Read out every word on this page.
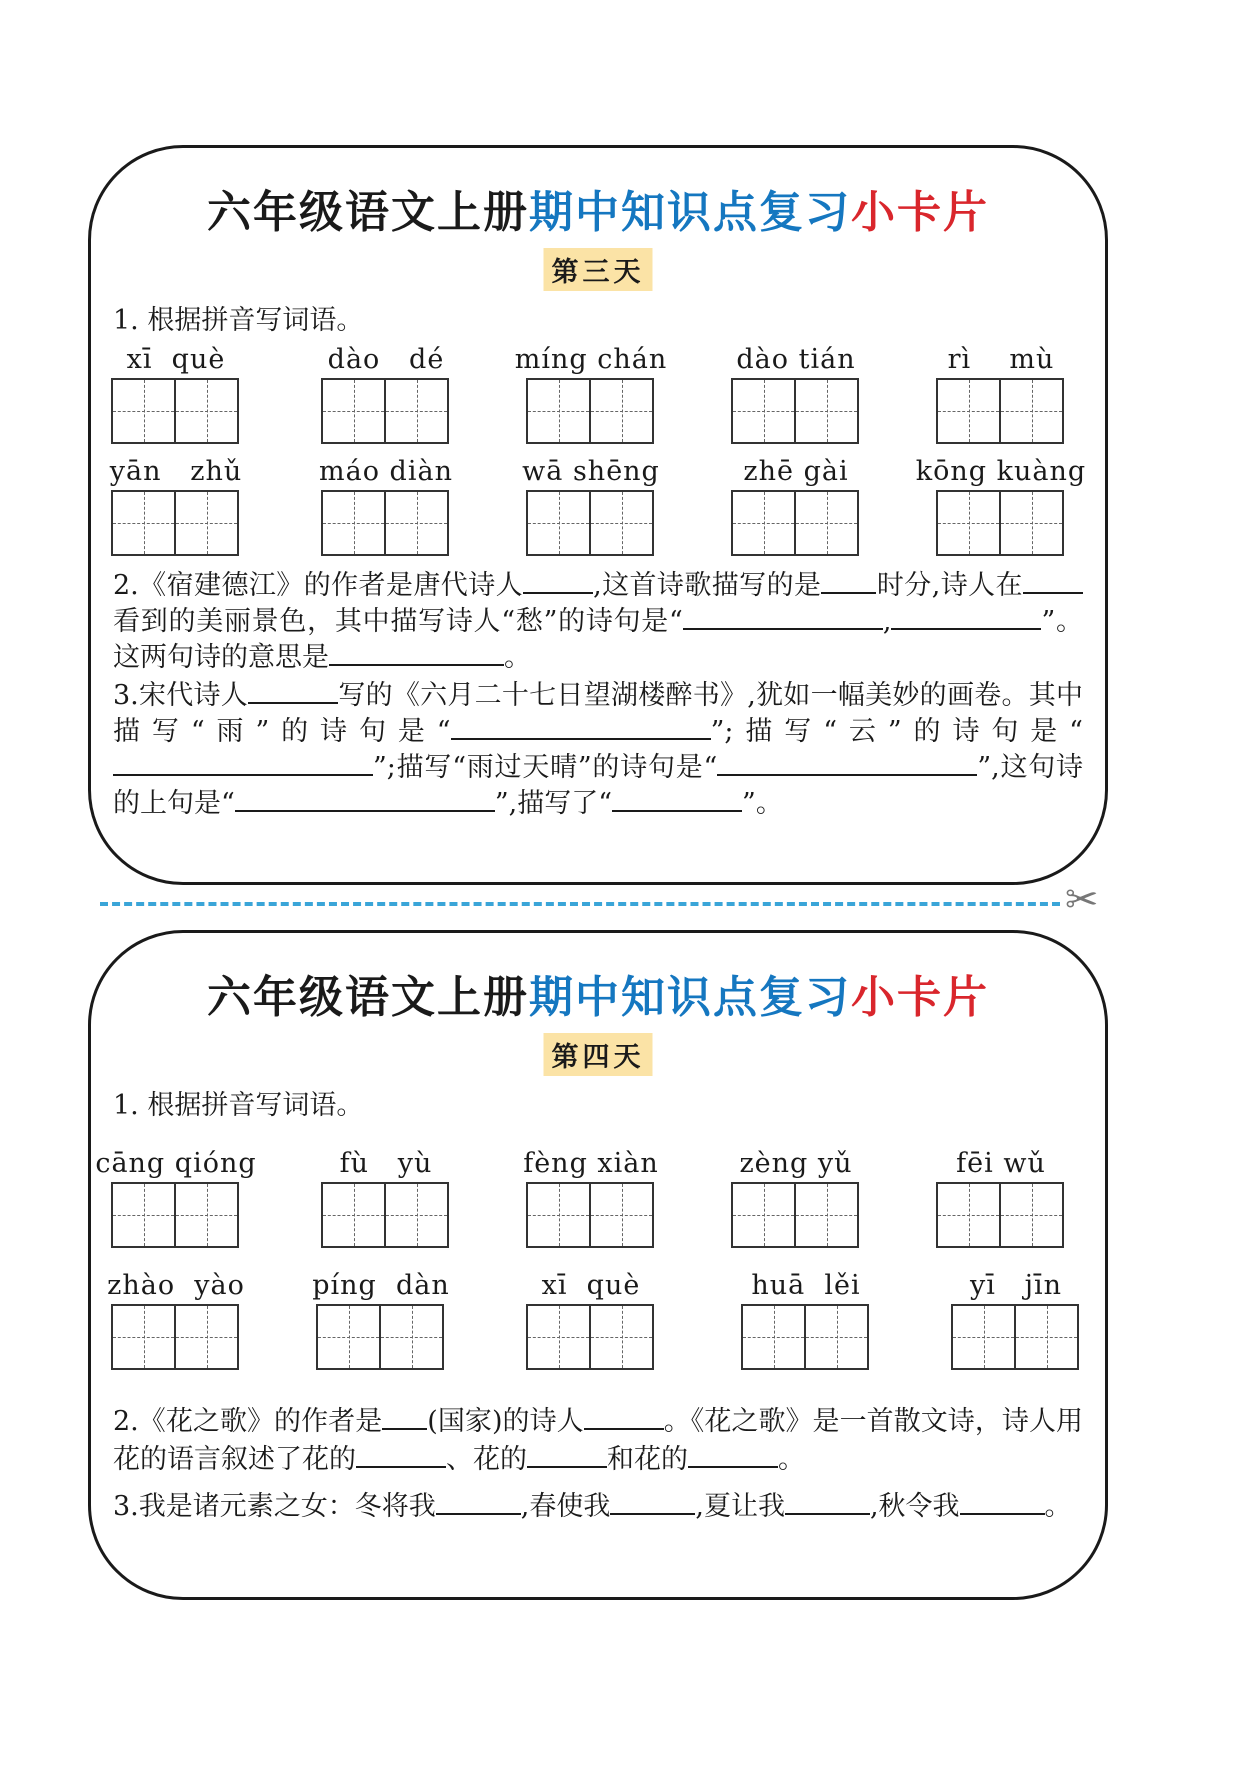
六年级语文上册期中知识点复习小卡片
第三天
1. 根据拼音写词语。
xī  què	dào   dé	míng chán	dào tián	rì    mù
yān   zhǔ	máo diàn	wā shēng	zhē gài	kōng kuàng
2.《宿建德江》的作者是唐代诗人	,这首诗歌描写的是 时分,诗人在看到的美丽景色，其中描写诗人“愁”的诗句是“	,	”。这两句诗的意思是	。
3.宋代诗人	写的《六月二十七日望湖楼醉书》,犹如一幅美妙的画卷。其中描写“雨”的诗句是“	”;描写“云”的诗句是“”;描写“雨过天晴”的诗句是“	”,这句诗的上句是“	”,描写了“	”。
✂
六年级语文上册期中知识点复习小卡片
第四天
1. 根据拼音写词语。
cāng qióng	fù   yù	fèng xiàn	zèng yǔ	fēi wǔ
zhào  yào	píng  dàn	xī  què	huā  lěi	yī   jīn
2.《花之歌》的作者是 (国家)的诗人	。《花之歌》是一首散文诗，诗人用花的语言叙述了花的	、花的	和花的	。
3.我是诸元素之女：冬将我	,春使我	,夏让我	,秋令我	。
